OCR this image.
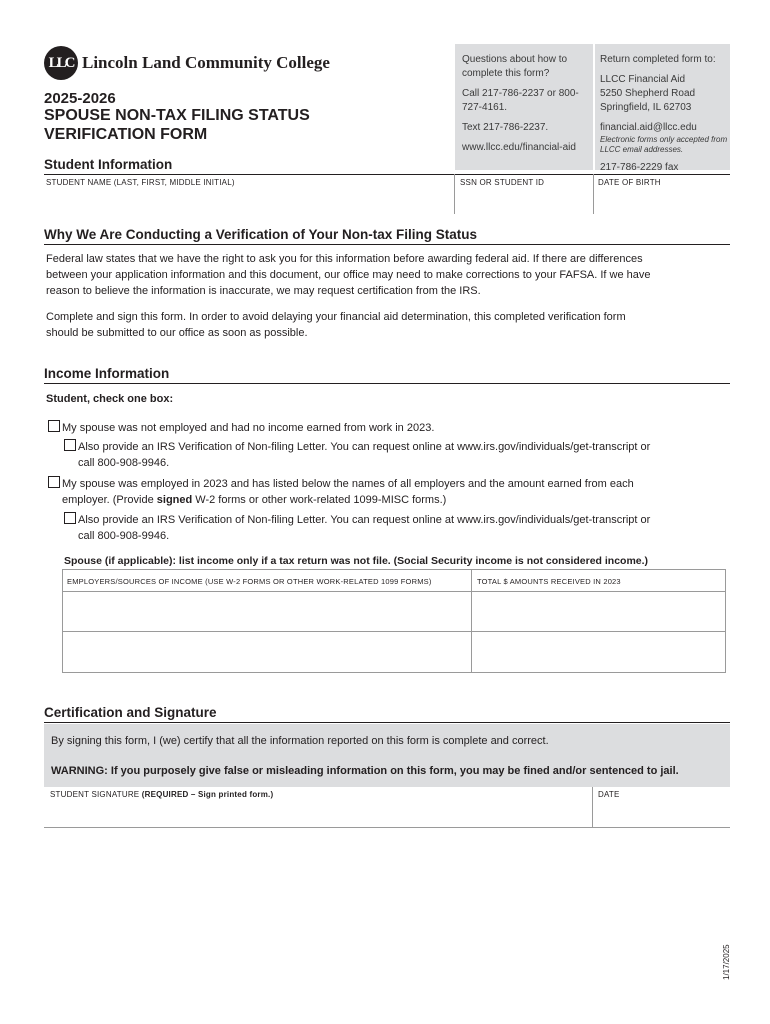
LLC Lincoln Land Community College
2025-2026
SPOUSE NON-TAX FILING STATUS
VERIFICATION FORM

Questions about how to complete this form?

Call 217-786-2237 or 800-727-4161.

Text 217-786-2237.

www.llcc.edu/financial-aid

Return completed form to:

LLCC Financial Aid
5250 Shepherd Road

Springfield, IL 62703

financial.aid@llcc.edu

Electronic forms only accepted from LLCC email addresses.

217-786-2229 fax
Student Information
STUDENT NAME (LAST, FIRST, MIDDLE INITIAL)	SSN OR STUDENT ID	DATE OF BIRTH
Why We Are Conducting a Verification of Your Non-tax Filing Status
Federal law states that we have the right to ask you for this information before awarding federal aid. If there are differences
between your application information and this document, our office may need to make corrections to your FAFSA. If we have
reason to believe the information is inaccurate, we may request certification from the IRS.
Complete and sign this form. In order to avoid delaying your financial aid determination, this completed verification form
should be submitted to our office as soon as possible.
Income Information
Student, check one box:
My spouse was not employed and had no income earned from work in 2023.
Also provide an IRS Verification of Non-filing Letter. You can request online at www.irs.gov/individuals/get-transcript or
call 800-908-9946.
My spouse was employed in 2023 and has listed below the names of all employers and the amount earned from each
employer. (Provide signed W-2 forms or other work-related 1099-MISC forms.)
Also provide an IRS Verification of Non-filing Letter. You can request online at www.irs.gov/individuals/get-transcript or
call 800-908-9946.
Spouse (if applicable): list income only if a tax return was not file. (Social Security income is not considered income.)
EMPLOYERS/SOURCES OF INCOME (USE W-2 FORMS OR OTHER WORK-RELATED 1099 FORMS)	TOTAL $ AMOUNTS RECEIVED IN 2023
Certification and Signature
By signing this form, I (we) certify that all the information reported on this form is complete and correct.
WARNING: If you purposely give false or misleading information on this form, you may be fined and/or sentenced to jail.
STUDENT SIGNATURE (REQUIRED – Sign printed form.)	DATE
1/17/2025
